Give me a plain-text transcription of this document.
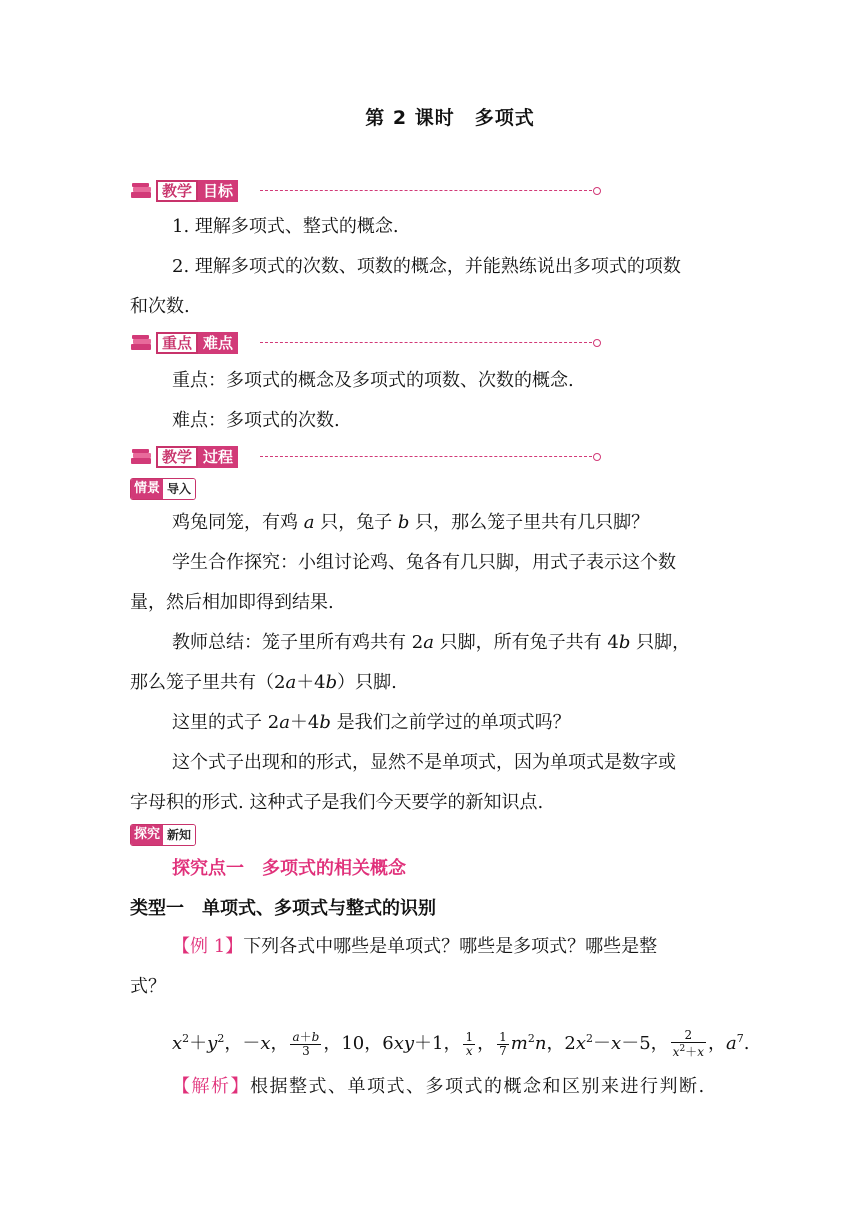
第 2 课时　多项式
教学 目标
1. 理解多项式、整式的概念.
2. 理解多项式的次数、项数的概念，并能熟练说出多项式的项数
和次数.
重点 难点
重点：多项式的概念及多项式的项数、次数的概念.
难点：多项式的次数.
教学 过程
情景 导入
鸡兔同笼，有鸡 a 只，兔子 b 只，那么笼子里共有几只脚？
学生合作探究：小组讨论鸡、兔各有几只脚，用式子表示这个数
量，然后相加即得到结果.
教师总结：笼子里所有鸡共有 2a 只脚，所有兔子共有 4b 只脚，
那么笼子里共有（2a＋4b）只脚.
这里的式子 2a＋4b 是我们之前学过的单项式吗？
这个式子出现和的形式，显然不是单项式，因为单项式是数字或
字母积的形式. 这种式子是我们今天要学的新知识点.
探究 新知
探究点一　多项式的相关概念
类型一　单项式、多项式与整式的识别
【例 1】下列各式中哪些是单项式？哪些是多项式？哪些是整
式？
$x^2+y^2$，－x， $\frac{a+b}{3}$ ，10，6xy＋1， $\frac{1}{x}$ ， $\frac{1}{7} m^2n$，$2x^2-x-5$， $\frac{2}{x^2+x}$ ，$a^7$.
【解析】根据整式、单项式、多项式的概念和区别来进行判断.
